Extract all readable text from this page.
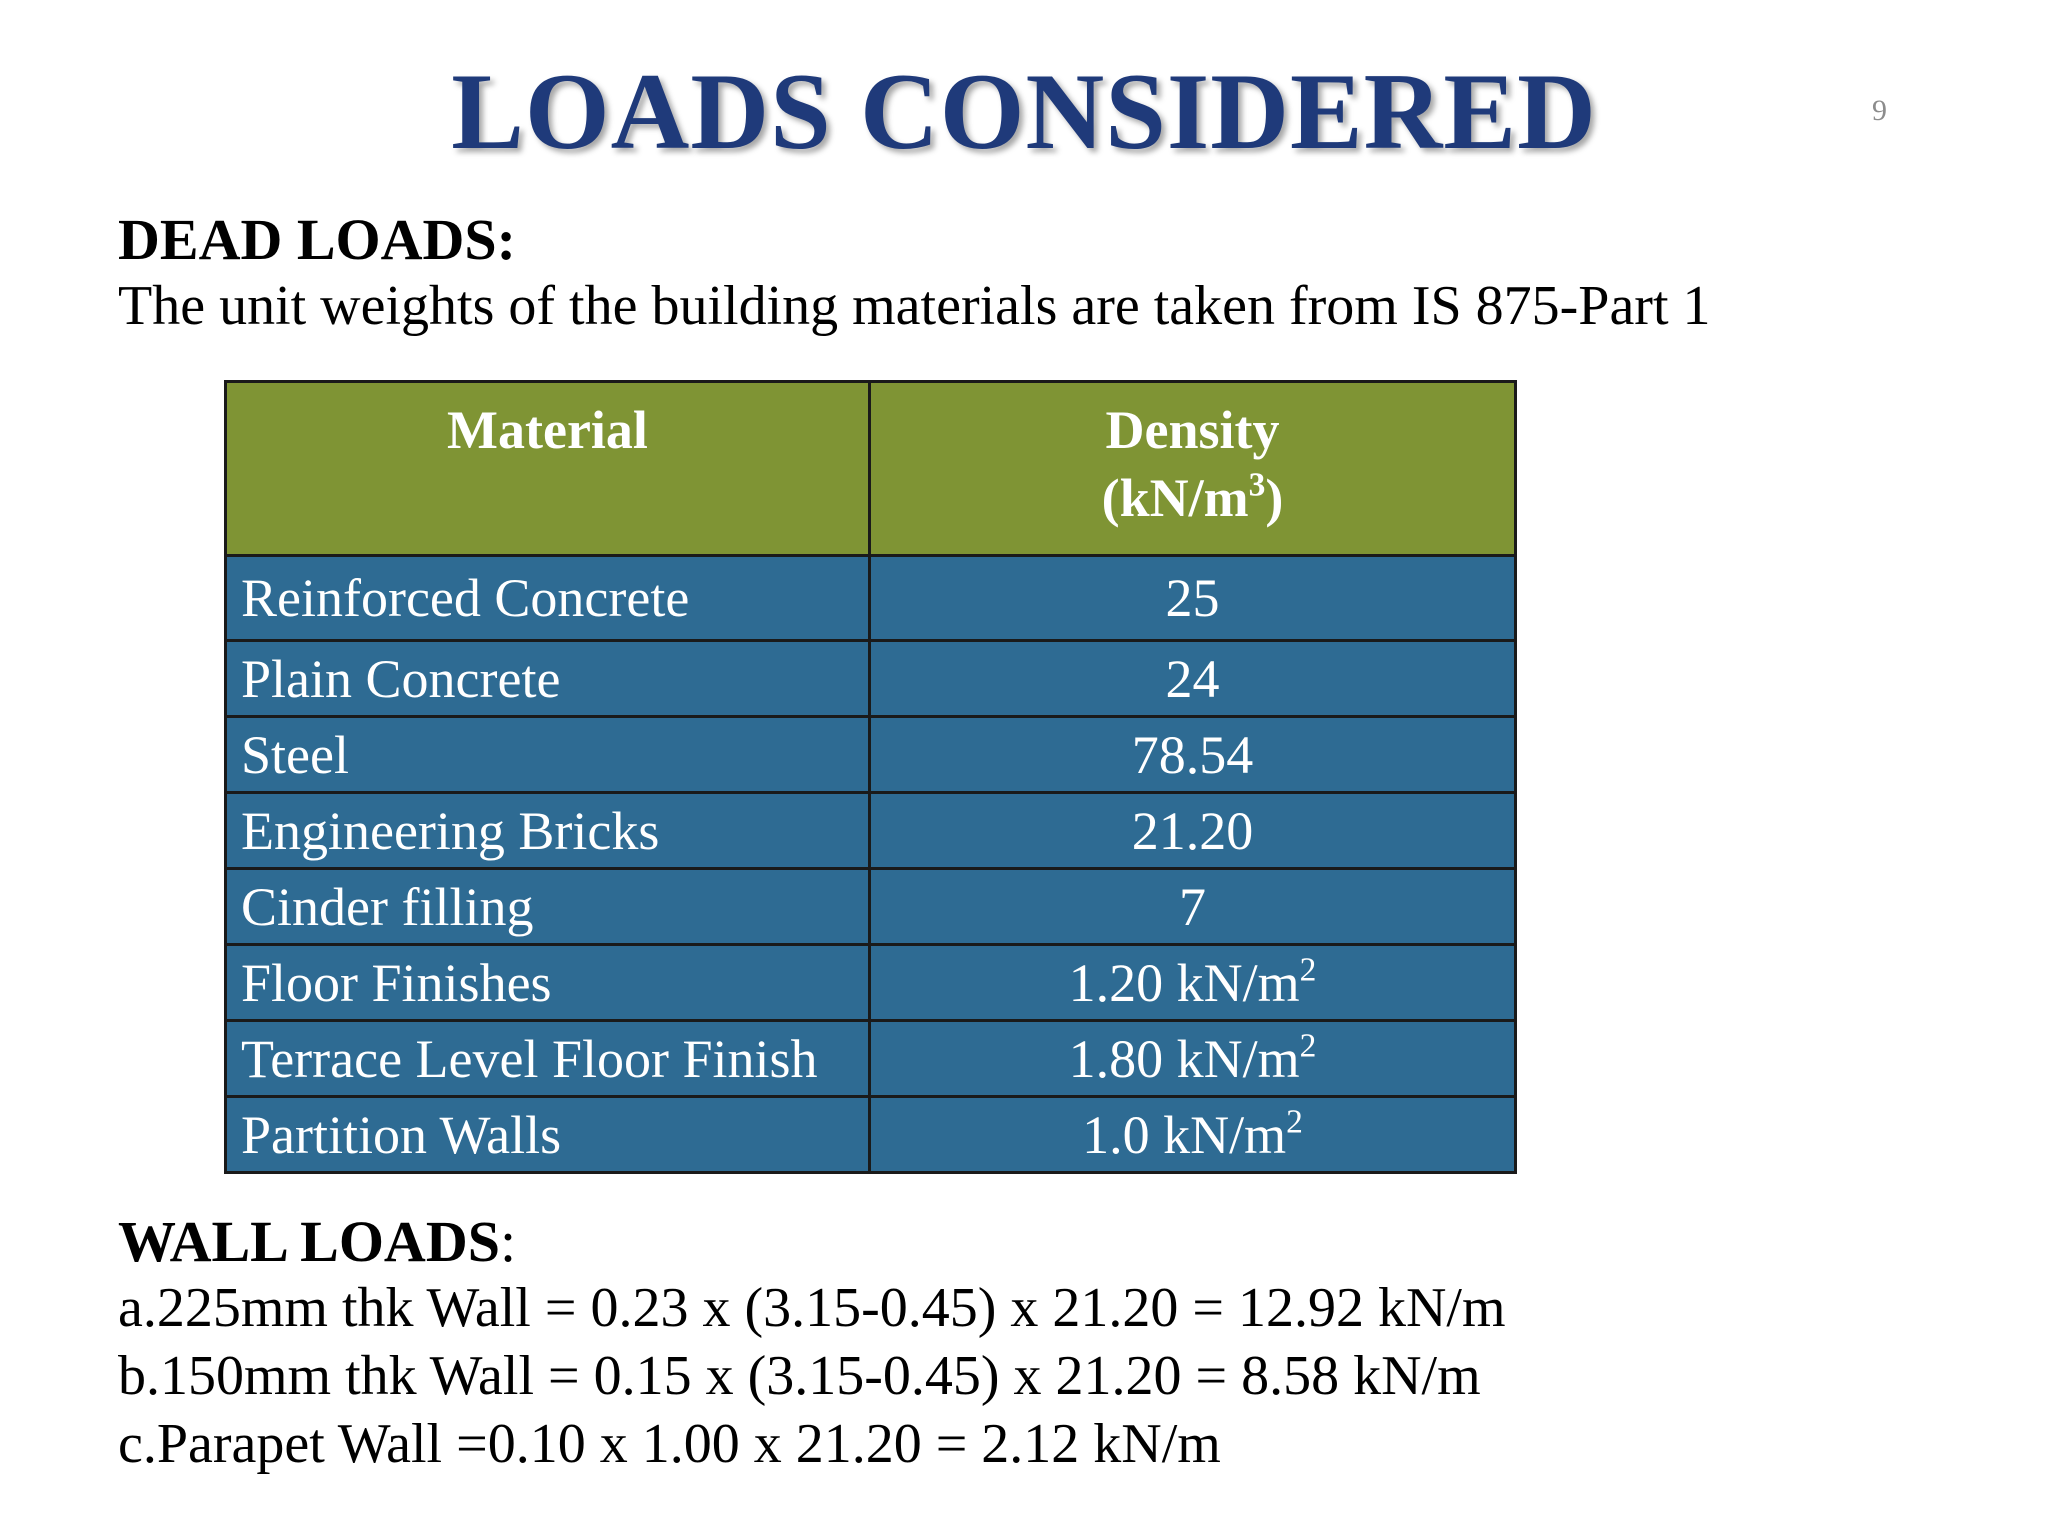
LOADS CONSIDERED	9
DEAD LOADS:
The unit weights of the building materials are taken from IS 875-Part 1
Material	Density
$(kN/m^3)$
Reinforced Concrete	25
Plain Concrete	24
Steel	78.54
Engineering Bricks	21.20
Cinder filling	7
Floor Finishes	1.20 $kN/m^2$
Terrace Level Floor Finish	1.80 $kN/m^2$
Partition Walls	1.0 $kN/m^2$
WALL LOADS:
a.225mm thk Wall = 0.23 x (3.15-0.45) x 21.20 = 12.92 kN/m
b.150mm thk Wall = 0.15 x (3.15-0.45) x 21.20 = 8.58 kN/m
c.Parapet Wall =0.10 x 1.00 x 21.20 = 2.12 kN/m
